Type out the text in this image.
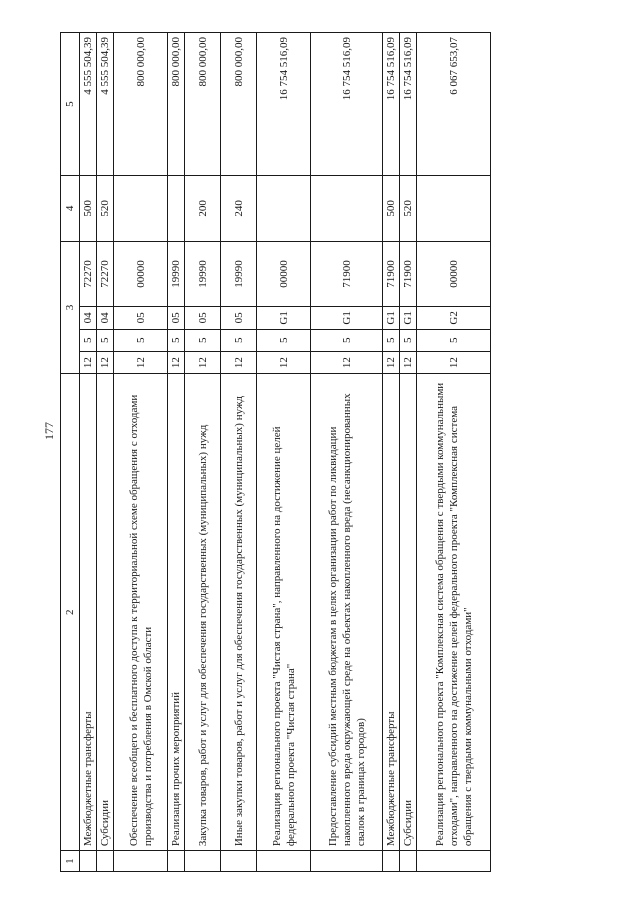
177
1	2	3				4	5
	Межбюджетные трансферты	12	5	04	72270	500	4 555 504,39
	Субсидии	12	5	04	72270	520	4 555 504,39
	Обеспечение всеобщего и бесплатного доступа к территориальной схеме обращения с отходами производства и потребления в Омской области	12	5	05	00000		800 000,00
	Реализация прочих мероприятий	12	5	05	19990		800 000,00
	Закупка товаров, работ и услуг для обеспечения государственных (муниципальных) нужд	12	5	05	19990	200	800 000,00
	Иные закупки товаров, работ и услуг для обеспечения государственных (муниципальных) нужд	12	5	05	19990	240	800 000,00
	Реализация регионального проекта "Чистая страна", направленного на достижение целей федерального проекта "Чистая страна"	12	5	G1	00000		16 754 516,09
	Предоставление субсидий местным бюджетам в целях организации работ по ликвидации накопленного вреда окружающей среде на объектах накопленного вреда (несанкционированных свалок в границах городов)	12	5	G1	71900		16 754 516,09
	Межбюджетные трансферты	12	5	G1	71900	500	16 754 516,09
	Субсидии	12	5	G1	71900	520	16 754 516,09
	Реализация регионального проекта "Комплексная система обращения с твердыми коммунальными отходами", направленного на достижение целей федерального проекта "Комплексная система обращения с твердыми коммунальными отходами"	12	5	G2	00000		6 067 653,07
